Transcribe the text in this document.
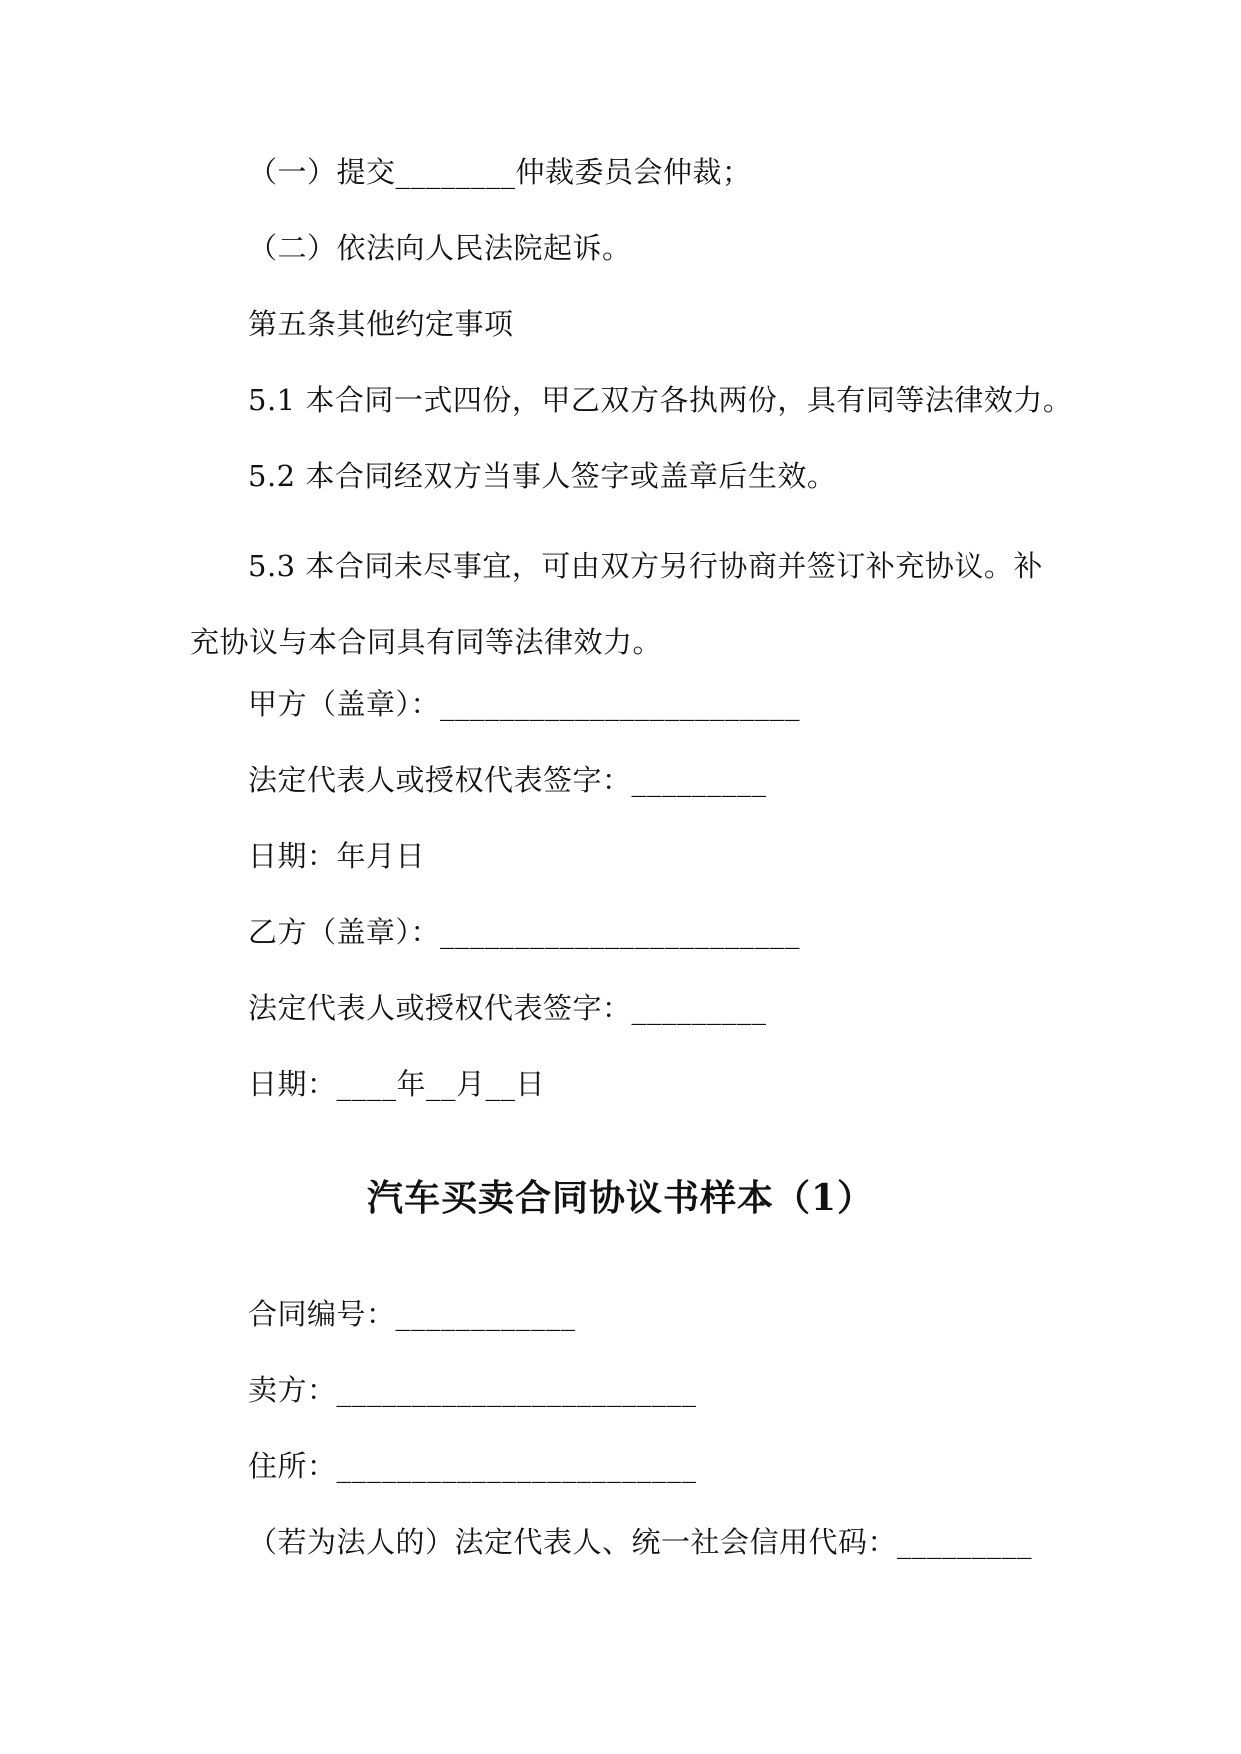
（一）提交________仲裁委员会仲裁；
（二）依法向人民法院起诉。
第五条其他约定事项
5.1 本合同一式四份，甲乙双方各执两份，具有同等法律效力。
5.2 本合同经双方当事人签字或盖章后生效。
5.3 本合同未尽事宜，可由双方另行协商并签订补充协议。补充协议与本合同具有同等法律效力。
甲方（盖章）：________________________
法定代表人或授权代表签字：_________
日期：年月日
乙方（盖章）：________________________
法定代表人或授权代表签字：_________
日期：____年__月__日
汽车买卖合同协议书样本（1）
合同编号：____________
卖方：________________________
住所：________________________
（若为法人的）法定代表人、统一社会信用代码：_________
